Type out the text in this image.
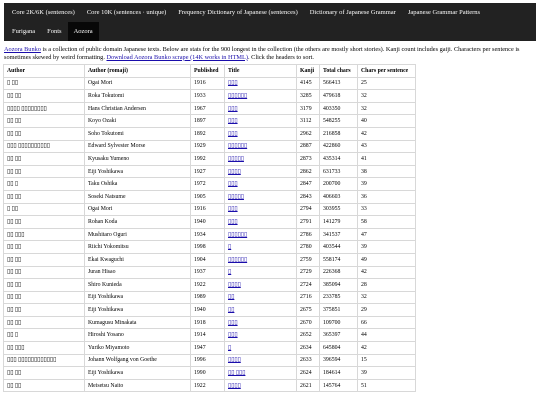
Core 2K/6K (sentences)	Core 10K (sentences · unique)	Frequency Dictionary of Japanese (sentences)	Dictionary of Japanese Grammar	Japanese Grammar Patterns
Furigana	Fonts	Aozora
Aozora Bunko is a collection of public domain Japanese texts. Below are stats for the 900 longest in the collection (the others are mostly short stories). Kanji count includes gaiji. Characters per sentence is sometimes skewed by weird formatting. Download Aozora Bunko scrape (14K works in HTML). Click the headers to sort.
Author	Author (romaji)	Published	Title	Kanji	Total chars	Chars per sentence
▯ ▯▯	Ogai Mori	1916	▯▯▯	4145	566413	25
▯▯ ▯▯	Roka Tokutomi	1933	▯▯▯▯▯▯	3285	479618	32
▯▯▯▯ ▯▯▯▯▯▯▯▯	Hans Christian Andersen	1967	▯▯▯	3179	403350	32
▯▯ ▯▯	Koyo Ozaki	1897	▯▯▯	3112	548255	40
▯▯ ▯▯	Soho Tokutomi	1892	▯▯▯	2962	216858	42
▯▯▯ ▯▯▯▯▯▯▯▯▯▯	Edward Sylvester Morse	1929	▯▯▯▯▯▯	2887	422860	43
▯▯ ▯▯	Kyusaku Yumeno	1992	▯▯▯▯▯	2873	435314	41
▯▯ ▯▯	Eiji Yoshikawa	1927	▯▯▯▯	2862	631733	38
▯▯ ▯	Taku Oshika	1972	▯▯▯	2847	200700	39
▯▯ ▯▯	Soseki Natsume	1905	▯▯▯▯▯	2843	406603	36
▯ ▯▯	Ogai Mori	1916	▯▯▯	2794	303955	33
▯▯ ▯▯	Rohan Koda	1940	▯▯▯	2791	141279	58
▯▯ ▯▯▯	Mushitaro Oguri	1934	▯▯▯▯▯▯	2786	341537	47
▯▯ ▯▯	Riichi Yokomitsu	1998	▯	2780	403544	39
▯▯ ▯▯	Ekai Kwaguchi	1904	▯▯▯▯▯▯	2759	558174	49
▯▯ ▯▯	Juran Hisao	1937	▯	2729	226368	42
▯▯ ▯▯	Shiro Kunieda	1922	▯▯▯▯	2724	385094	28
▯▯ ▯▯	Eiji Yoshikawa	1989	▯▯	2716	233785	32
▯▯ ▯▯	Eiji Yoshikawa	1940	▯▯	2675	375851	29
▯▯ ▯▯	Kumagusu Minakata	1918	▯▯▯	2670	109700	66
▯▯ ▯	Hiroshi Yosano	1914	▯▯▯	2652	365397	44
▯▯ ▯▯▯	Yuriko Miyamoto	1947	▯	2634	645804	42
▯▯▯ ▯▯▯▯▯▯▯▯▯▯▯▯	Johann Wolfgang von Goethe	1996	▯▯▯▯	2633	396594	15
▯▯ ▯▯	Eiji Yoshikawa	1990	▯▯ ▯▯▯	2624	184614	39
▯▯ ▯▯	Meisetsu Naito	1922	▯▯▯▯	2621	145764	51
